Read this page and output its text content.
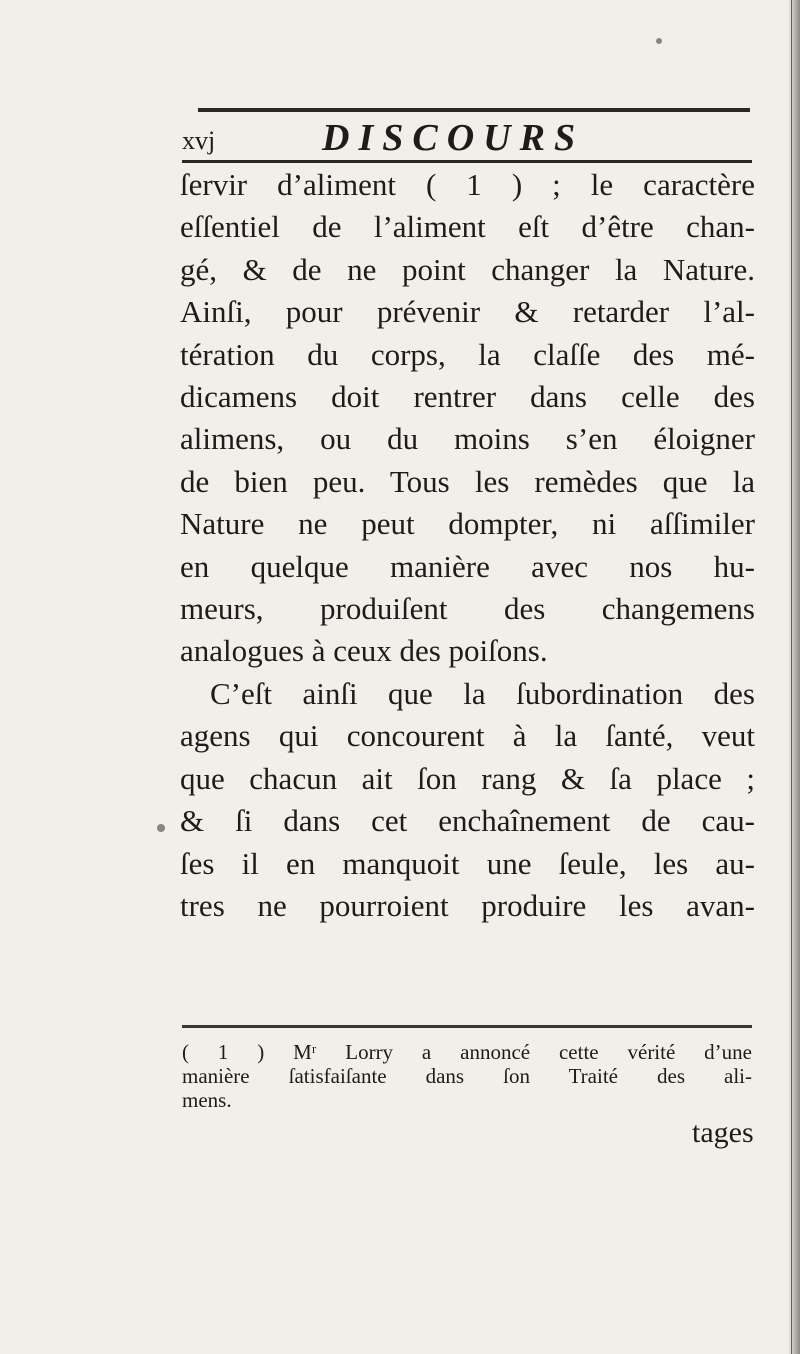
xvj	DISCOURS
ſervir d’aliment ( 1 ) ; le caractère
eſſentiel de l’aliment eſt d’être chan-
gé, & de ne point changer la Nature.
Ainſi, pour prévenir & retarder l’al-
tération du corps, la claſſe des mé-
dicamens doit rentrer dans celle des
alimens, ou du moins s’en éloigner
de bien peu. Tous les remèdes que la
Nature ne peut dompter, ni aſſimiler
en quelque manière avec nos hu-
meurs, produiſent des changemens
analogues à ceux des poiſons.
C’eſt ainſi que la ſubordination des
agens qui concourent à la ſanté, veut
que chacun ait ſon rang & ſa place ;
& ſi dans cet enchaînement de cau-
ſes il en manquoit une ſeule, les au-
tres ne pourroient produire les avan-
( 1 ) Mʳ Lorry a annoncé cette vérité d’une
manière ſatisfaiſante dans ſon Traité des ali-
mens.
tages
